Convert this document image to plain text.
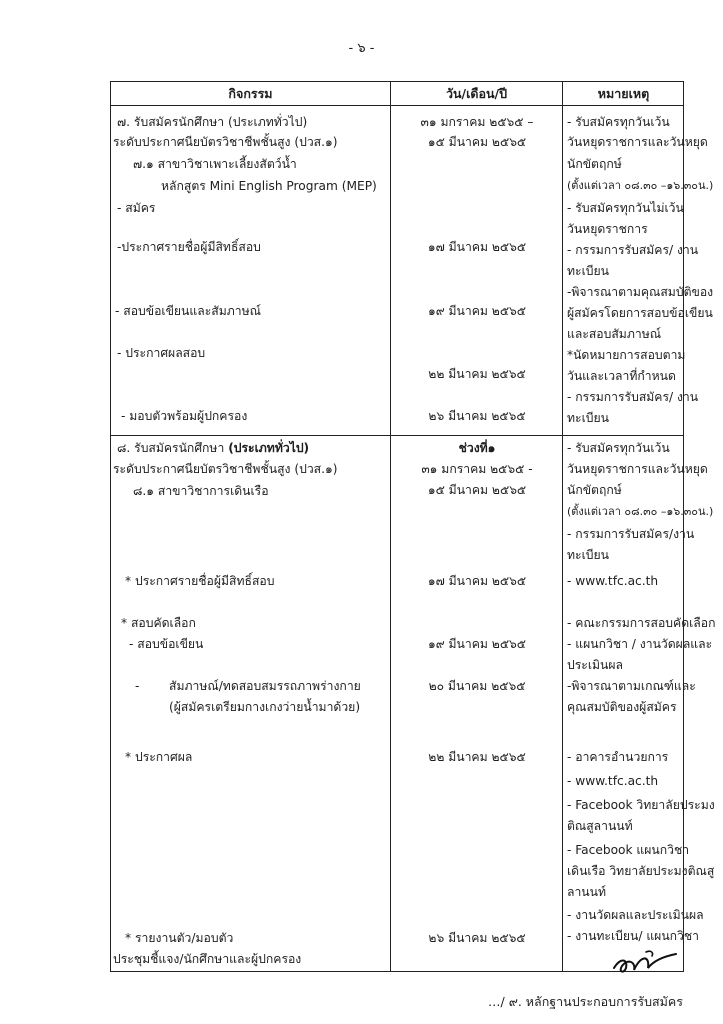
- ๖ -
กิจกรรม	วัน/เดือน/ปี	หมายเหตุ
๗. รับสมัครนักศึกษา (ประเภททั่วไป)
ระดับประกาศนียบัตรวิชาชีพชั้นสูง (ปวส.๑)
๗.๑ สาขาวิชาเพาะเลี้ยงสัตว์น้ำ
หลักสูตร Mini English Program (MEP)
- สมัคร
-ประกาศรายชื่อผู้มีสิทธิ์สอบ
- สอบข้อเขียนและสัมภาษณ์
- ประกาศผลสอบ
- มอบตัวพร้อมผู้ปกครอง
๓๑ มกราคม ๒๕๖๕ –
๑๕ มีนาคม ๒๕๖๕
๑๗ มีนาคม ๒๕๖๕
๑๙ มีนาคม ๒๕๖๕
๒๒ มีนาคม ๒๕๖๕
๒๖ มีนาคม ๒๕๖๕
- รับสมัครทุกวันเว้น
วันหยุดราชการและวันหยุด
นักขัตฤกษ์
(ตั้งแต่เวลา ๐๘.๓๐ –๑๖.๓๐น.)
- รับสมัครทุกวันไม่เว้น
วันหยุดราชการ
- กรรมการรับสมัคร/ งาน
ทะเบียน
-พิจารณาตามคุณสมบัติของ
ผู้สมัครโดยการสอบข้อเขียน
และสอบสัมภาษณ์
*นัดหมายการสอบตาม
วันและเวลาที่กำหนด
- กรรมการรับสมัคร/ งาน
ทะเบียน
๘. รับสมัครนักศึกษา (ประเภททั่วไป)
ระดับประกาศนียบัตรวิชาชีพชั้นสูง (ปวส.๑)
๘.๑ สาขาวิชาการเดินเรือ
* ประกาศรายชื่อผู้มีสิทธิ์สอบ
* สอบคัดเลือก
- สอบข้อเขียน
- สัมภาษณ์/ทดสอบสมรรถภาพร่างกาย
(ผู้สมัครเตรียมกางเกงว่ายน้ำมาด้วย)
* ประกาศผล
* รายงานตัว/มอบตัว
ประชุมชี้แจง/นักศึกษาและผู้ปกครอง
ช่วงที่๑
๓๑ มกราคม ๒๕๖๕ -
๑๕ มีนาคม ๒๕๖๕
๑๗ มีนาคม ๒๕๖๕
๑๙ มีนาคม ๒๕๖๕
๒๐ มีนาคม ๒๕๖๕
๒๒ มีนาคม ๒๕๖๕
๒๖ มีนาคม ๒๕๖๕
- รับสมัครทุกวันเว้น
วันหยุดราชการและวันหยุด
นักขัตฤกษ์
(ตั้งแต่เวลา ๐๘.๓๐ –๑๖.๓๐น.)
- กรรมการรับสมัคร/งาน
ทะเบียน
- www.tfc.ac.th
- คณะกรรมการสอบคัดเลือก
- แผนกวิชา / งานวัดผลและ
ประเมินผล
-พิจารณาตามเกณฑ์และ
คุณสมบัติของผู้สมัคร
- อาคารอำนวยการ
- www.tfc.ac.th
- Facebook วิทยาลัยประมง
ติณสูลานนท์
- Facebook แผนกวิชา
เดินเรือ วิทยาลัยประมงติณสู
ลานนท์
- งานวัดผลและประเมินผล
- งานทะเบียน/ แผนกวิชา
…/ ๙. หลักฐานประกอบการรับสมัคร
